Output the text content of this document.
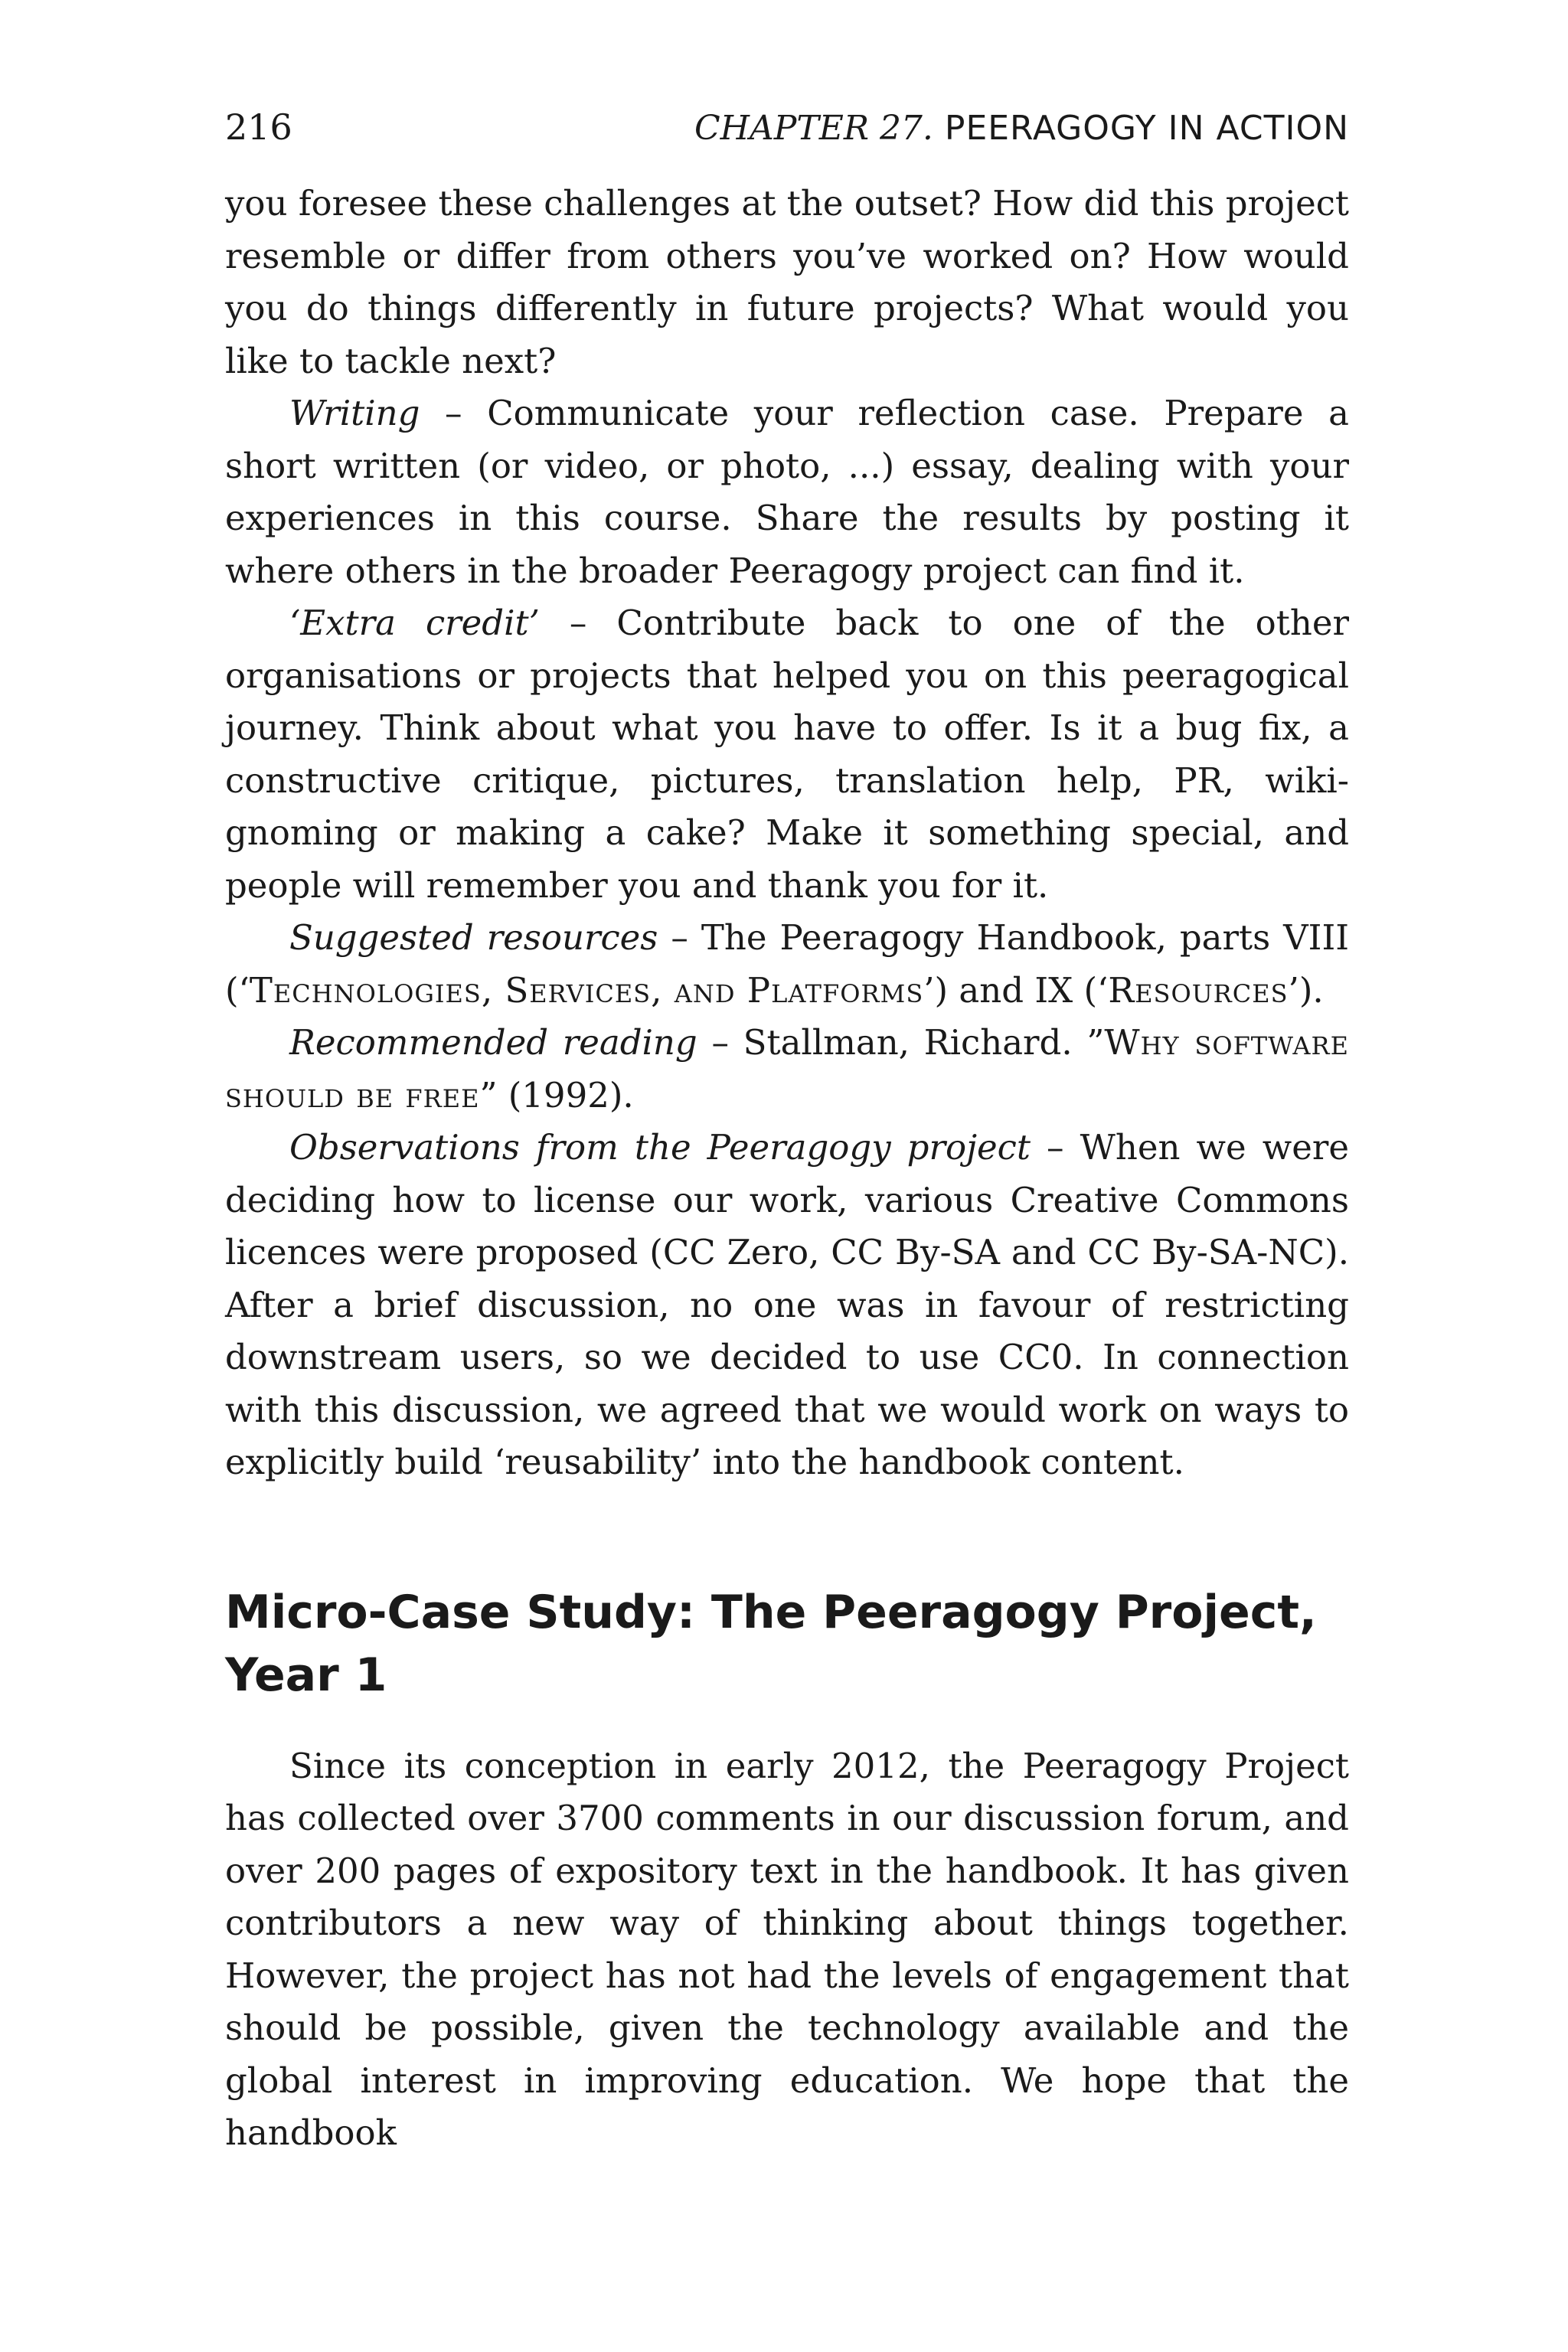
216	CHAPTER 27. PEERAGOGY IN ACTION

you foresee these challenges at the outset? How did this project resemble or differ from others you’ve worked on? How would you do things differently in future projects? What would you like to tackle next?

Writing – Communicate your reflection case. Prepare a short written (or video, or photo, ...) essay, dealing with your experiences in this course. Share the results by posting it where others in the broader Peeragogy project can find it.

‘Extra credit’ – Contribute back to one of the other organisations or projects that helped you on this peeragogical journey. Think about what you have to offer. Is it a bug fix, a constructive critique, pictures, translation help, PR, wiki-gnoming or making a cake? Make it something special, and people will remember you and thank you for it.

Suggested resources – The Peeragogy Handbook, parts VIII (‘Technologies, Services, and Platforms’) and IX (‘Resources’).

Recommended reading – Stallman, Richard. ”Why software should be free” (1992).

Observations from the Peeragogy project – When we were deciding how to license our work, various Creative Commons licences were proposed (CC Zero, CC By-SA and CC By-SA-NC). After a brief discussion, no one was in favour of restricting downstream users, so we decided to use CC0. In connection with this discussion, we agreed that we would work on ways to explicitly build ‘reusability’ into the handbook content.

Micro-Case Study: The Peeragogy Project, Year 1

Since its conception in early 2012, the Peeragogy Project has collected over 3700 comments in our discussion forum, and over 200 pages of expository text in the handbook. It has given contributors a new way of thinking about things together. However, the project has not had the levels of engagement that should be possible, given the technology available and the global interest in improving education. We hope that the handbook
